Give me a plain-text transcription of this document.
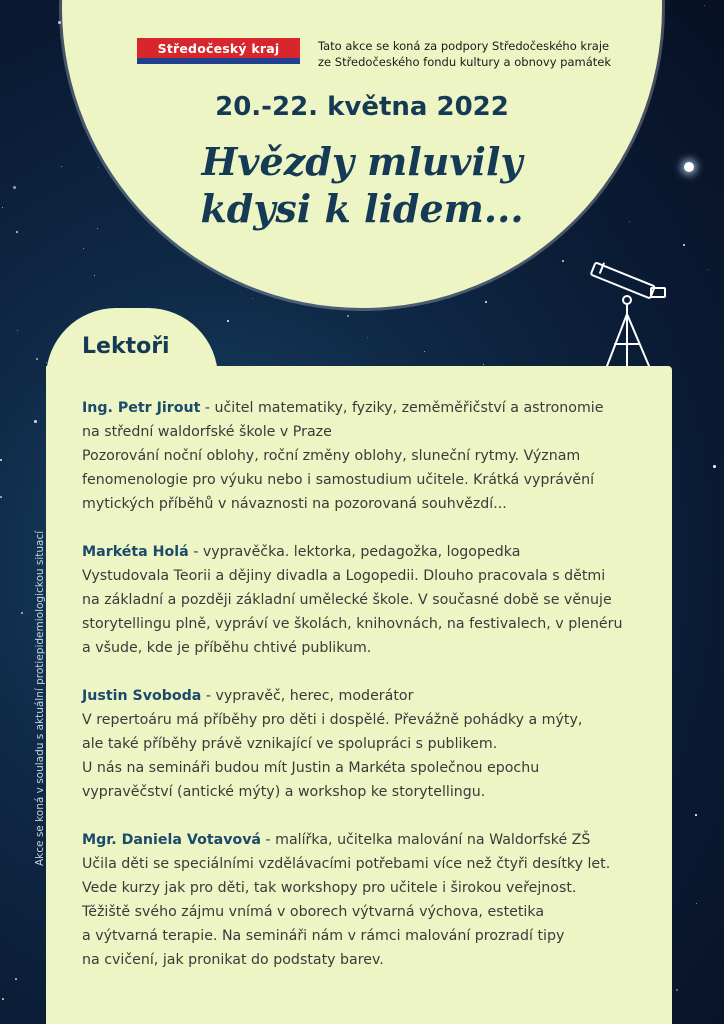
Středočeský kraj	Tato akce se koná za podpory Středočeského kraje
ze Středočeského fondu kultury a obnovy památek
20.-22. května 2022
Hvězdy mluvily
kdysi k lidem...
Akce se koná v souladu s aktuální protiepidemiologickou situací
Lektoři
Ing. Petr Jirout - učitel matematiky, fyziky, zeměměřičství a astronomie
na střední waldorfské škole v Praze
Pozorování noční oblohy, roční změny oblohy, sluneční rytmy. Význam
fenomenologie pro výuku nebo i samostudium učitele. Krátká vyprávění
mytických příběhů v návaznosti na pozorovaná souhvězdí...
Markéta Holá - vypravěčka. lektorka, pedagožka, logopedka
Vystudovala Teorii a dějiny divadla a Logopedii. Dlouho pracovala s dětmi
na základní a později základní umělecké škole. V současné době se věnuje
storytellingu plně, vypráví ve školách, knihovnách, na festivalech, v plenéru
a všude, kde je příběhu chtivé publikum.
Justin Svoboda - vypravěč, herec, moderátor
V repertoáru má příběhy pro děti i dospělé. Převážně pohádky a mýty,
ale také příběhy právě vznikající ve spolupráci s publikem.
U nás na semináři budou mít Justin a Markéta společnou epochu
vypravěčství (antické mýty) a workshop ke storytellingu.
Mgr. Daniela Votavová - malířka, učitelka malování na Waldorfské ZŠ
Učila děti se speciálními vzdělávacími potřebami více než čtyři desítky let.
Vede kurzy jak pro děti, tak workshopy pro učitele i širokou veřejnost.
Těžiště svého zájmu vnímá v oborech výtvarná výchova, estetika
a výtvarná terapie. Na semináři nám v rámci malování prozradí tipy
na cvičení, jak pronikat do podstaty barev.
